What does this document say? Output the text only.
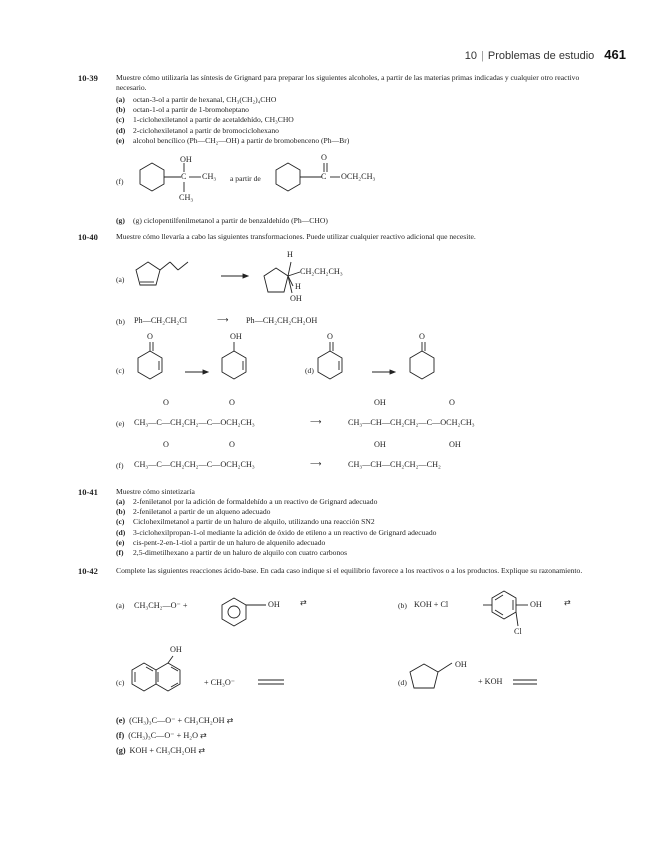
10 | Problemas de estudio 461
10-39 Muestre cómo utilizaría las síntesis de Grignard para preparar los siguientes alcoholes, a partir de las materias primas indicadas y cualquier otro reactivo necesario.
(a) octan-3-ol a partir de hexanal, CH₃(CH₂)₄CHO
(b) octan-1-ol a partir de 1-bromoheptano
(c) 1-ciclohexiletanol a partir de acetaldehído, CH₃CHO
(d) 2-ciclohexiletanol a partir de bromociclohexano
(e) alcohol bencílico (Ph—CH₂—OH) a partir de bromobenceno (Ph—Br)
(f)
OH
C CH₃
CH₃
a partir de
O
C OCH₂CH₃
(g) (g) ciclopentilfenilmetanol a partir de benzaldehído (Ph—CHO)
10-40 Muestre cómo llevaría a cabo las siguientes transformaciones. Puede utilizar cualquier reactivo adicional que necesite.
(a)
H
CH₂CH₂CH₃
H
OH
(b) Ph—CH₂CH₂Cl	⟶ Ph—CH₂CH₂CH₂OH
(c)	(d)
O	OH	O	O
(e)
O	O
CH₃—C—CH₂CH₂—C—OCH₂CH₃	⟶
OH	O
CH₃—CH—CH₂CH₂—C—OCH₂CH₃
(f)
O	O
CH₃—C—CH₂CH₂—C—OCH₂CH₃	⟶
OH	OH
CH₃—CH—CH₂CH₂—CH₂
10-41 Muestre cómo sintetizaría
(a) 2-feniletanol por la adición de formaldehído a un reactivo de Grignard adecuado
(b) 2-feniletanol a partir de un alqueno adecuado
(c) Ciclohexilmetanol a partir de un haluro de alquilo, utilizando una reacción SN2
(d) 3-ciclohexilpropan-1-ol mediante la adición de óxido de etileno a un reactivo de Grignard adecuado
(e) cis-pent-2-en-1-tiol a partir de un haluro de alquenilo adecuado
(f) 2,5-dimetilhexano a partir de un haluro de alquilo con cuatro carbonos
10-42 Complete las siguientes reacciones ácido-base. En cada caso indique si el equilibrio favorece a los reactivos o a los productos. Explique su razonamiento.
(a) CH₃CH₂—O⁻ +	OH ⇄	(b) KOH + Cl	OH
Cl
⇄
(c)
OH
+ CH₃O⁻	(d)
OH
+ KOH
(e) (CH₃)₃C—O⁻ + CH₃CH₂OH ⇄
(f) (CH₃)₃C—O⁻ + H₂O ⇄
(g) KOH + CH₃CH₂OH ⇄
